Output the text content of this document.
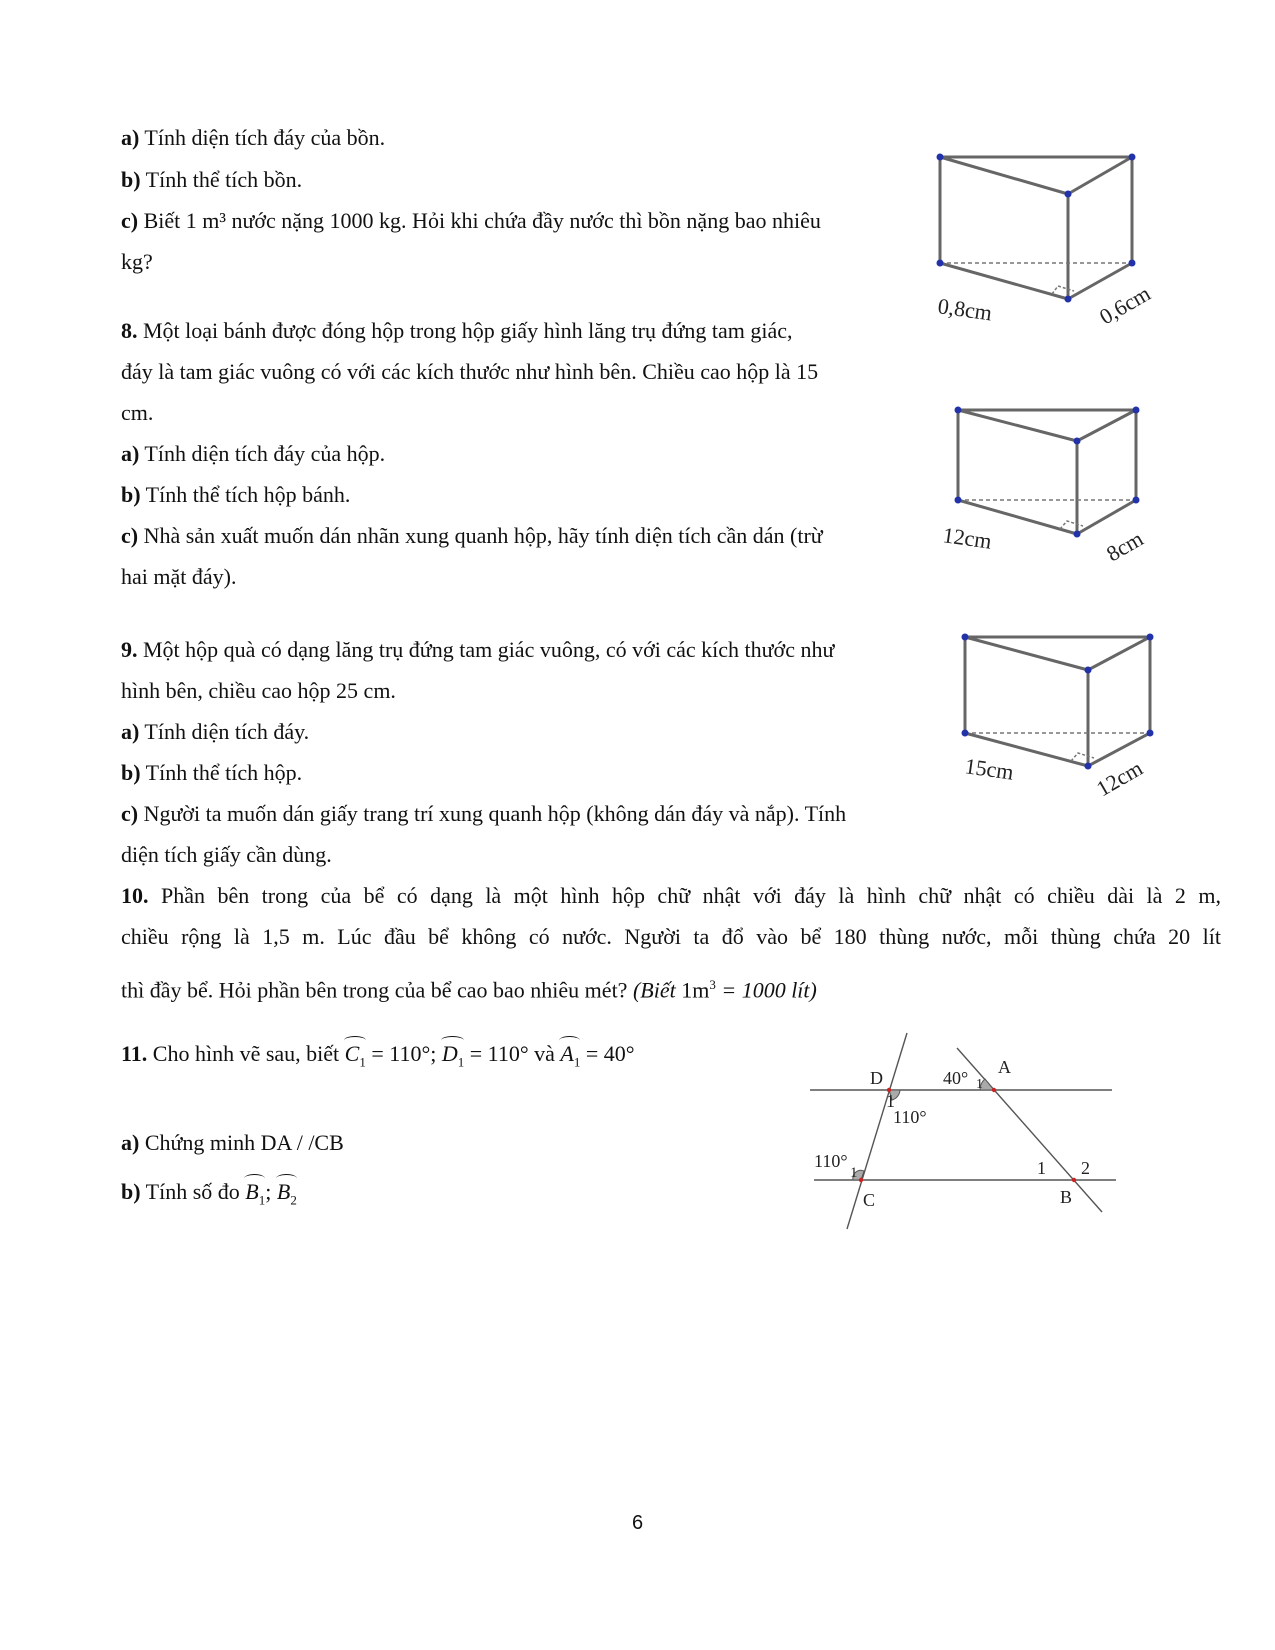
a) Tính diện tích đáy của bồn.
b) Tính thể tích bồn.
c) Biết 1 m³ nước nặng 1000 kg. Hỏi khi chứa đầy nước thì bồn nặng bao nhiêu
kg?
0,8cm	0,6cm
8. Một loại bánh được đóng hộp trong hộp giấy hình lăng trụ đứng tam giác,
đáy là tam giác vuông có với các kích thước như hình bên. Chiều cao hộp là 15
cm.
a) Tính diện tích đáy của hộp.
b) Tính thể tích hộp bánh.
c) Nhà sản xuất muốn dán nhãn xung quanh hộp, hãy tính diện tích cần dán (trừ
hai mặt đáy).
12cm	8cm
9. Một hộp quà có dạng lăng trụ đứng tam giác vuông, có với các kích thước như
hình bên, chiều cao hộp 25 cm.
a) Tính diện tích đáy.
b) Tính thể tích hộp.
c) Người ta muốn dán giấy trang trí xung quanh hộp (không dán đáy và nắp). Tính
diện tích giấy cần dùng.
15cm	12cm
10. Phần bên trong của bể có dạng là một hình hộp chữ nhật với đáy là hình chữ nhật có chiều dài là 2 m,
chiều rộng là 1,5 m. Lúc đầu bể không có nước. Người ta đổ vào bể 180 thùng nước, mỗi thùng chứa 20 lít
thì đầy bể. Hỏi phần bên trong của bể cao bao nhiêu mét? (Biết $1m^3 = 1000$ lít)
11. Cho hình vẽ sau, biết $C_1 = 110^\circ$; $D_1 = 110^\circ$ và $A_1 = 40^\circ$
a) Chứng minh DA / /CB
b) Tính số đo $B_1$; $B_2$
D
A
C	B
40°
110°
110°
1
1
1	1 2
6
